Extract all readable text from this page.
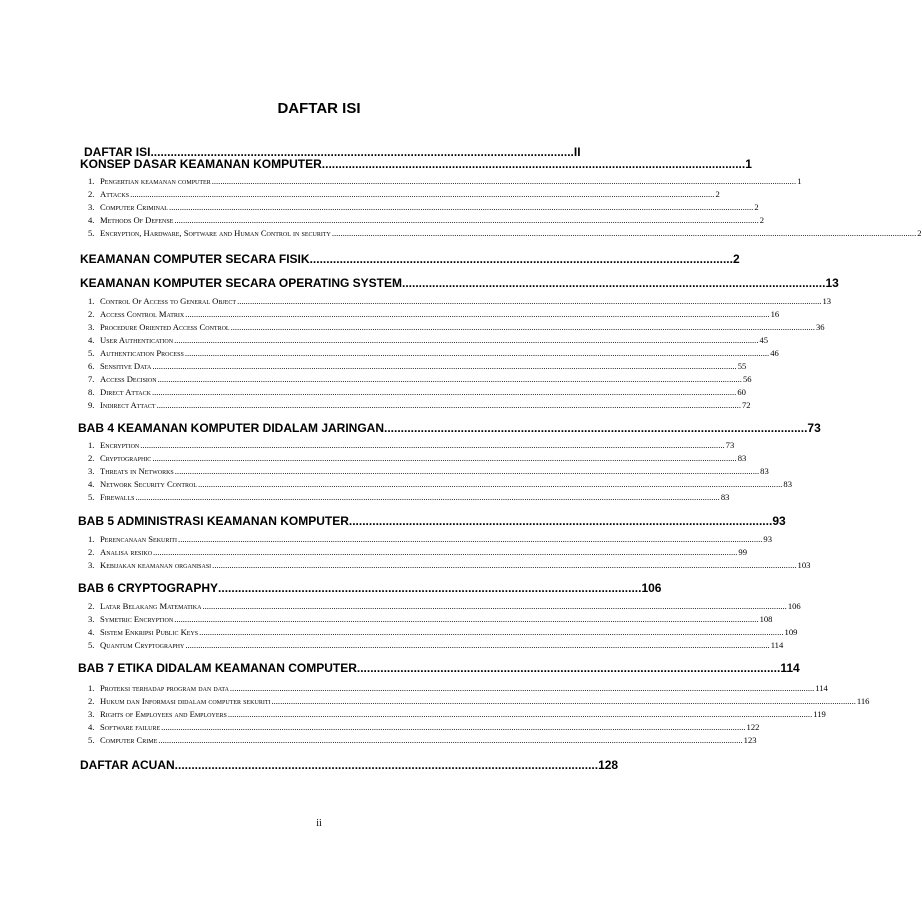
DAFTAR ISI
DAFTAR ISI ............................................................................................................................... II
KONSEP DASAR KEAMANAN KOMPUTER ............................................................................................................................... 1
1. Pengertian keamanan computer .....	1
2. Attacks .....	2
3. Computer Criminal .....	2
4. Methods Of Defense .....	2
5. Encryption, Hardware, Software and Human Control in security .....	2
KEAMANAN COMPUTER SECARA FISIK ............................................................................................................................... 2
KEAMANAN KOMPUTER SECARA OPERATING SYSTEM ............................................................................................................................... 13
1. Control Of Access to General Object .....	13
2. Access Control Matrix .....	16
3. Procedure Oriented Access Control .....	36
4. User Authentication .....	45
5. Authentication Process .....	46
6. Sensitive Data .....	55
7. Access Decision .....	56
8. Direct Attack .....	60
9. Indirect Attact .....	72
BAB 4 KEAMANAN KOMPUTER DIDALAM JARINGAN ............................................................................................................................... 73
1. Encryption .....	73
2. Cryptographic .....	83
3. Threats in Networks .....	83
4. Network Security Control .....	83
5. Firewalls .....	83
BAB 5 ADMINISTRASI KEAMANAN KOMPUTER ............................................................................................................................... 93
1. Perencanaan Sekuriti .....	93
2. Analisa resiko .....	99
3. Kebijakan keamanan organisasi .....	103
BAB 6 CRYPTOGRAPHY ............................................................................................................................... 106
2. Latar Belakang Matematika .....	106
3. Symetric Encryption .....	108
4. Sistem Enkripsi Public Keys .....	109
5. Quantum Cryptography .....	114
BAB 7 ETIKA DIDALAM KEAMANAN COMPUTER ............................................................................................................................... 114
1. Proteksi terhadap program dan data .....	114
2. Hukum dan Informasi didalam computer sekuriti .....	116
3. Rights of Employees and Employers .....	119
4. Software failure .....	122
5. Computer Crime .....	123
DAFTAR ACUAN ............................................................................................................................... 128
ii
